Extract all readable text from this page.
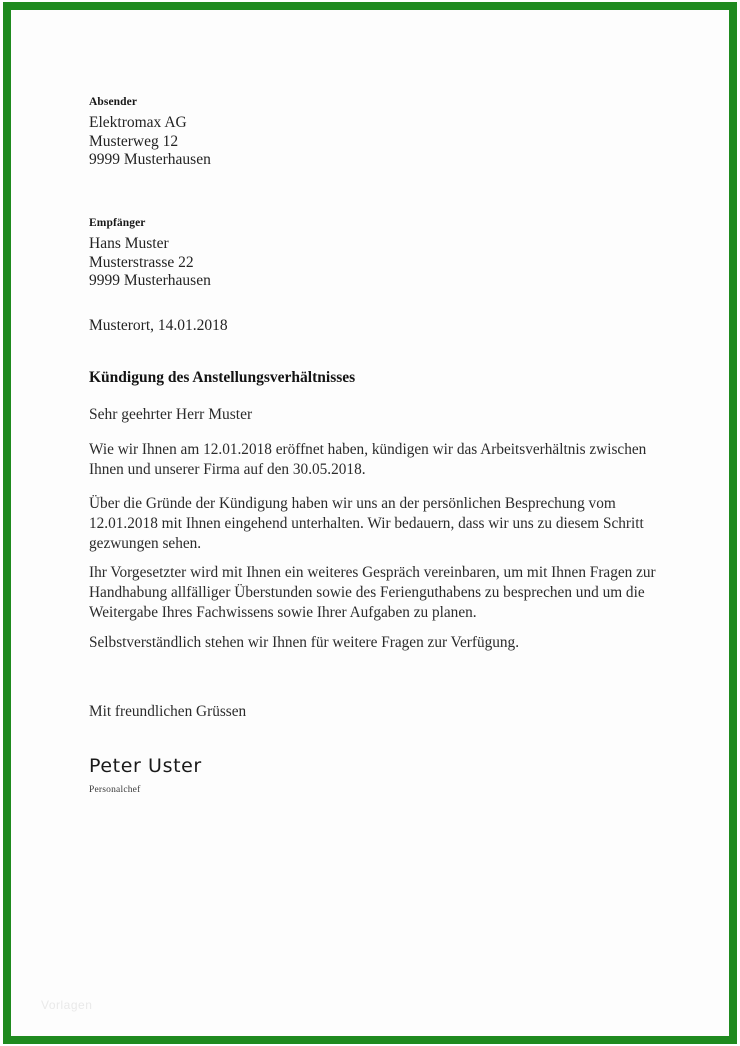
Absender
Elektromax AG
Musterweg 12
9999 Musterhausen
Empfänger
Hans Muster
Musterstrasse 22
9999 Musterhausen
Musterort, 14.01.2018
Kündigung des Anstellungsverhältnisses
Sehr geehrter Herr Muster
Wie wir Ihnen am 12.01.2018 eröffnet haben, kündigen wir das Arbeitsverhältnis zwischen Ihnen und unserer Firma auf den 30.05.2018.
Über die Gründe der Kündigung haben wir uns an der persönlichen Besprechung vom 12.01.2018 mit Ihnen eingehend unterhalten. Wir bedauern, dass wir uns zu diesem Schritt gezwungen sehen.
Ihr Vorgesetzter wird mit Ihnen ein weiteres Gespräch vereinbaren, um mit Ihnen Fragen zur Handhabung allfälliger Überstunden sowie des Ferienguthabens zu besprechen und um die Weitergabe Ihres Fachwissens sowie Ihrer Aufgaben zu planen.
Selbstverständlich stehen wir Ihnen für weitere Fragen zur Verfügung.
Mit freundlichen Grüssen
Peter Uster
Personalchef
Vorlagen
